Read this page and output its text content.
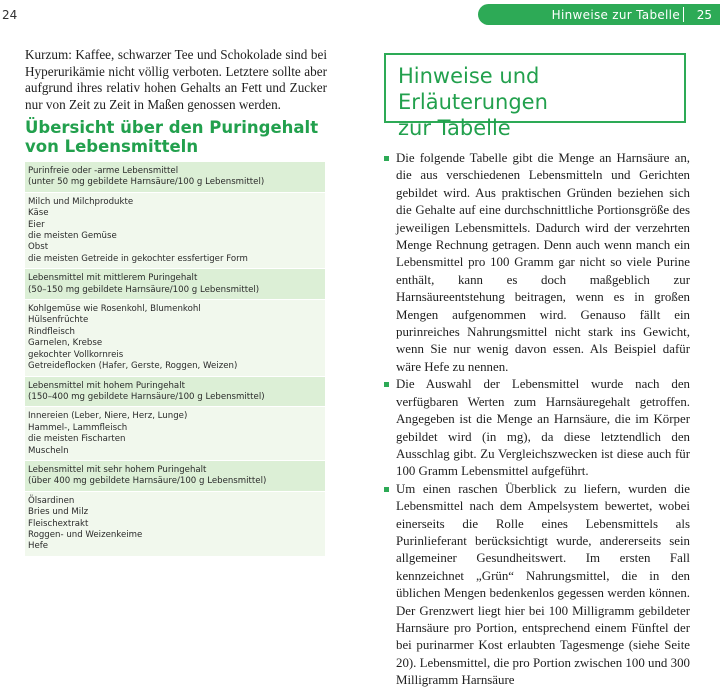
24
Kurzum: Kaffee, schwarzer Tee und Schokolade sind bei Hyperurikämie nicht völlig verboten. Letztere sollte aber aufgrund ihres relativ hohen Gehalts an Fett und Zucker nur von Zeit zu Zeit in Maßen genossen werden.
Übersicht über den Puringehalt von Lebensmitteln
Purinfreie oder -arme Lebensmittel
(unter 50 mg gebildete Harnsäure/100 g Lebensmittel)
Milch und Milchprodukte
Käse
Eier
die meisten Gemüse
Obst
die meisten Getreide in gekochter essfertiger Form
Lebensmittel mit mittlerem Puringehalt
(50–150 mg gebildete Harnsäure/100 g Lebensmittel)
Kohlgemüse wie Rosenkohl, Blumenkohl
Hülsenfrüchte
Rindfleisch
Garnelen, Krebse
gekochter Vollkornreis
Getreideflocken (Hafer, Gerste, Roggen, Weizen)
Lebensmittel mit hohem Puringehalt
(150–400 mg gebildete Harnsäure/100 g Lebensmittel)
Innereien (Leber, Niere, Herz, Lunge)
Hammel-, Lammfleisch
die meisten Fischarten
Muscheln
Lebensmittel mit sehr hohem Puringehalt
(über 400 mg gebildete Harnsäure/100 g Lebensmittel)
Ölsardinen
Bries und Milz
Fleischextrakt
Roggen- und Weizenkeime
Hefe
Hinweise zur Tabelle 25
Hinweise und Erläuterungen
zur Tabelle
Die folgende Tabelle gibt die Menge an Harnsäure an, die aus verschiedenen Lebensmitteln und Gerichten gebildet wird. Aus praktischen Gründen beziehen sich die Gehalte auf eine durchschnittliche Portionsgröße des jeweiligen Lebensmittels. Dadurch wird der verzehrten Menge Rechnung getragen. Denn auch wenn manch ein Lebensmittel pro 100 Gramm gar nicht so viele Purine enthält, kann es doch maßgeblich zur Harnsäureentstehung beitragen, wenn es in großen Mengen aufgenommen wird. Genauso fällt ein purinreiches Nahrungsmittel nicht stark ins Gewicht, wenn Sie nur wenig davon essen. Als Beispiel dafür wäre Hefe zu nennen.
Die Auswahl der Lebensmittel wurde nach den verfügbaren Werten zum Harnsäuregehalt getroffen. Angegeben ist die Menge an Harnsäure, die im Körper gebildet wird (in mg), da diese letztendlich den Ausschlag gibt. Zu Vergleichszwecken ist diese auch für 100 Gramm Lebensmittel aufgeführt.
Um einen raschen Überblick zu liefern, wurden die Lebensmittel nach dem Ampelsystem bewertet, wobei einerseits die Rolle eines Lebensmittels als Purinlieferant berücksichtigt wurde, andererseits sein allgemeiner Gesundheitswert. Im ersten Fall kennzeichnet „Grün“ Nahrungsmittel, die in den üblichen Mengen bedenkenlos gegessen werden können. Der Grenzwert liegt hier bei 100 Milligramm gebildeter Harnsäure pro Portion, entsprechend einem Fünftel der bei purinarmer Kost erlaubten Tagesmenge (siehe Seite 20). Lebensmittel, die pro Portion zwischen 100 und 300 Milligramm Harnsäure
